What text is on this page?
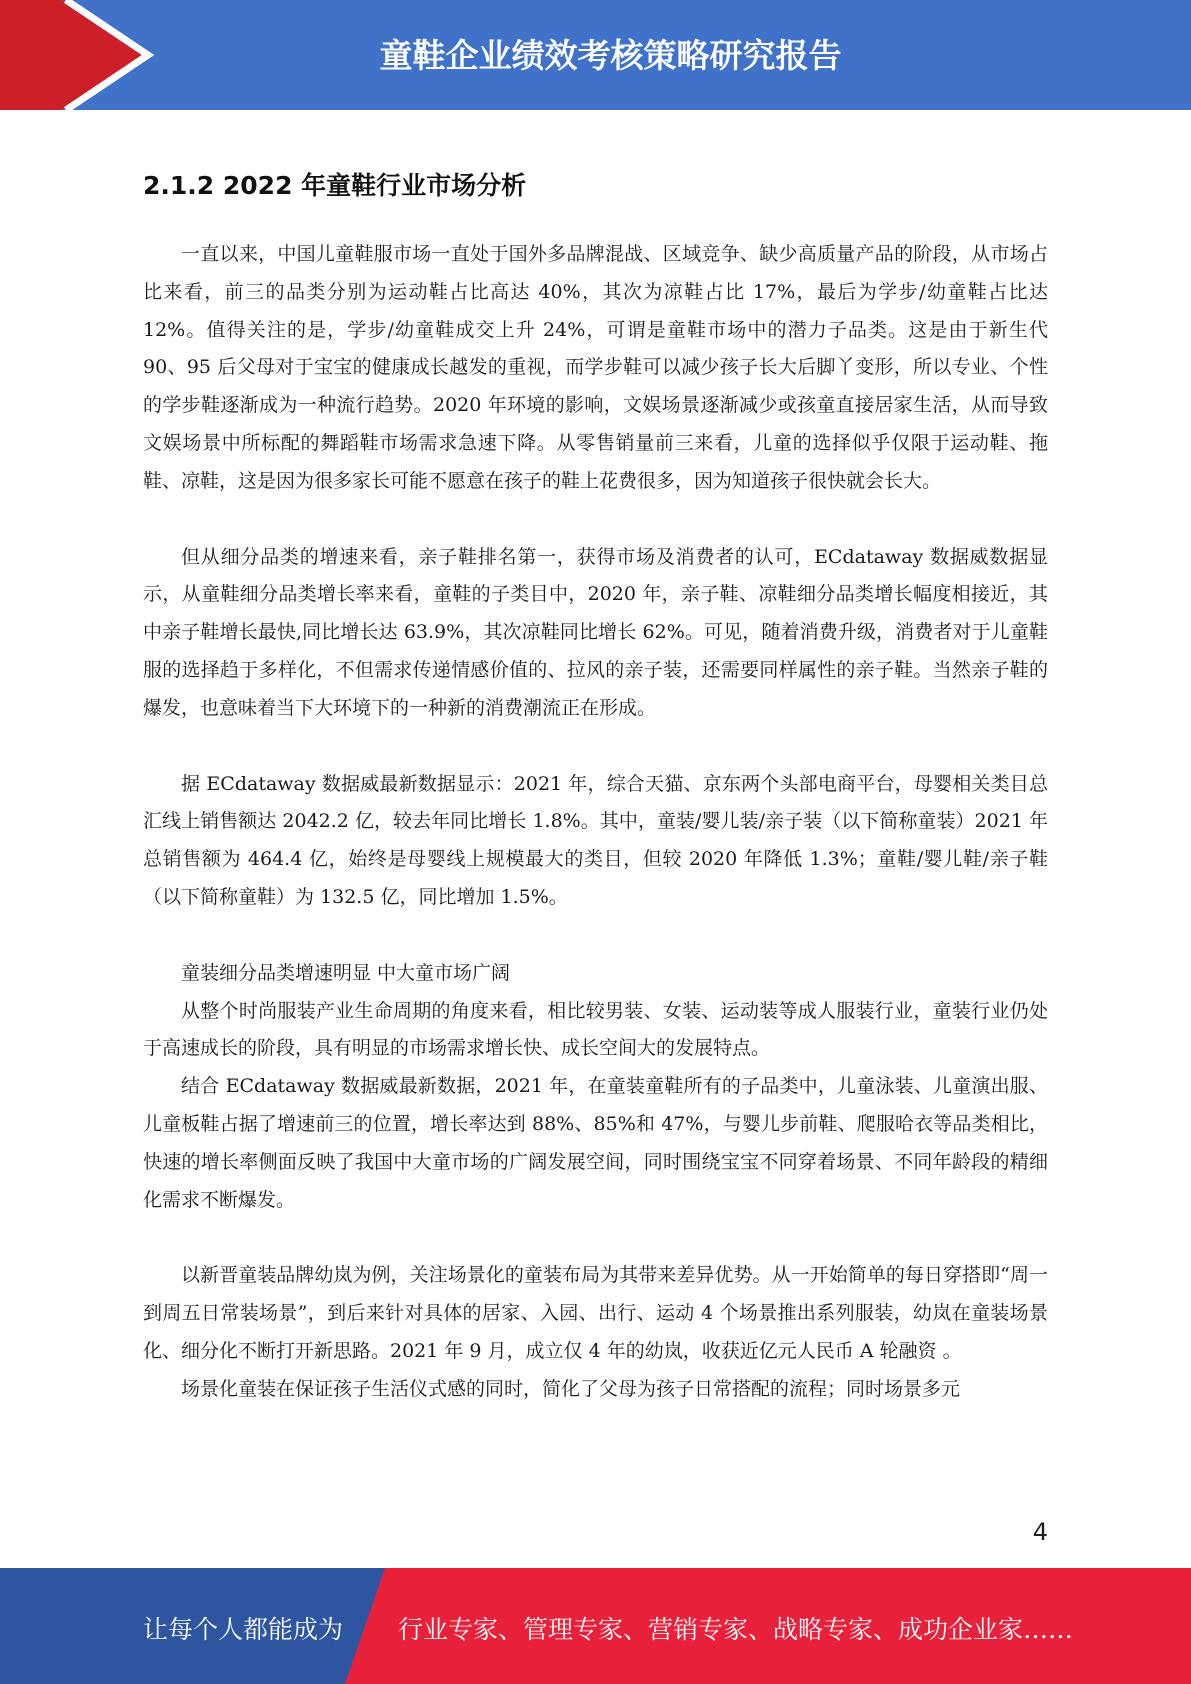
童鞋企业绩效考核策略研究报告
2.1.2 2022 年童鞋行业市场分析

一直以来，中国儿童鞋服市场一直处于国外多品牌混战、区域竞争、缺少高质量产品的阶段，从市场占比来看，前三的品类分别为运动鞋占比高达 40%，其次为凉鞋占比 17%，最后为学步/幼童鞋占比达 12%。值得关注的是，学步/幼童鞋成交上升 24%，可谓是童鞋市场中的潜力子品类。这是由于新生代 90、95 后父母对于宝宝的健康成长越发的重视，而学步鞋可以减少孩子长大后脚丫变形，所以专业、个性的学步鞋逐渐成为一种流行趋势。2020 年环境的影响，文娱场景逐渐减少或孩童直接居家生活，从而导致文娱场景中所标配的舞蹈鞋市场需求急速下降。从零售销量前三来看，儿童的选择似乎仅限于运动鞋、拖鞋、凉鞋，这是因为很多家长可能不愿意在孩子的鞋上花费很多，因为知道孩子很快就会长大。

但从细分品类的增速来看，亲子鞋排名第一，获得市场及消费者的认可，ECdataway 数据威数据显示，从童鞋细分品类增长率来看，童鞋的子类目中，2020 年，亲子鞋、凉鞋细分品类增长幅度相接近，其中亲子鞋增长最快,同比增长达 63.9%，其次凉鞋同比增长 62%。可见，随着消费升级，消费者对于儿童鞋服的选择趋于多样化，不但需求传递情感价值的、拉风的亲子装，还需要同样属性的亲子鞋。当然亲子鞋的爆发，也意味着当下大环境下的一种新的消费潮流正在形成。

据 ECdataway 数据威最新数据显示：2021 年，综合天猫、京东两个头部电商平台，母婴相关类目总汇线上销售额达 2042.2 亿，较去年同比增长 1.8%。其中，童装/婴儿装/亲子装（以下简称童装）2021 年总销售额为 464.4 亿，始终是母婴线上规模最大的类目，但较 2020 年降低 1.3%；童鞋/婴儿鞋/亲子鞋（以下简称童鞋）为 132.5 亿，同比增加 1.5%。

童装细分品类增速明显 中大童市场广阔

从整个时尚服装产业生命周期的角度来看，相比较男装、女装、运动装等成人服装行业，童装行业仍处于高速成长的阶段，具有明显的市场需求增长快、成长空间大的发展特点。

结合 ECdataway 数据威最新数据，2021 年，在童装童鞋所有的子品类中，儿童泳装、儿童演出服、儿童板鞋占据了增速前三的位置，增长率达到 88%、85%和 47%，与婴儿步前鞋、爬服哈衣等品类相比，快速的增长率侧面反映了我国中大童市场的广阔发展空间，同时围绕宝宝不同穿着场景、不同年龄段的精细化需求不断爆发。

以新晋童装品牌幼岚为例，关注场景化的童装布局为其带来差异优势。从一开始简单的每日穿搭即“周一到周五日常装场景”，到后来针对具体的居家、入园、出行、运动 4 个场景推出系列服装，幼岚在童装场景化、细分化不断打开新思路。2021 年 9 月，成立仅 4 年的幼岚，收获近亿元人民币 A 轮融资 。

场景化童装在保证孩子生活仪式感的同时，简化了父母为孩子日常搭配的流程；同时场景多元

4
让每个人都能成为 行业专家、管理专家、营销专家、战略专家、成功企业家……
